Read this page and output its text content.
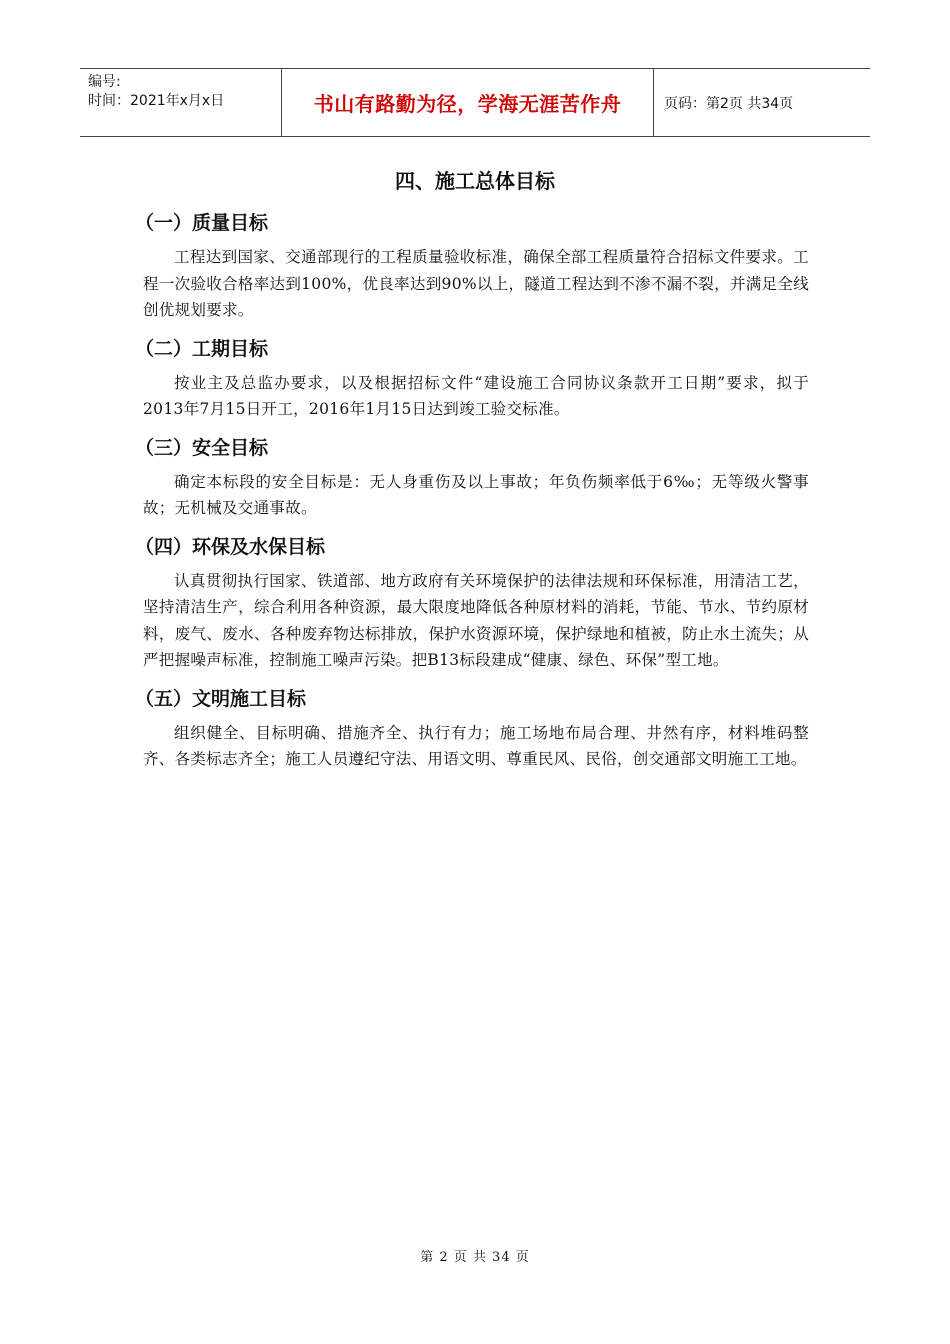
编号:
时间：2021年x月x日	书山有路勤为径，学海无涯苦作舟	页码：第2页 共34页
四、施工总体目标
（一）质量目标

工程达到国家、交通部现行的工程质量验收标准，确保全部工程质量符合招标文件要求。工程一次验收合格率达到100%，优良率达到90%以上，隧道工程达到不渗不漏不裂，并满足全线创优规划要求。

（二）工期目标

按业主及总监办要求，以及根据招标文件“建设施工合同协议条款开工日期”要求，拟于2013年7月15日开工，2016年1月15日达到竣工验交标准。

（三）安全目标

确定本标段的安全目标是：无人身重伤及以上事故；年负伤频率低于6‰；无等级火警事故；无机械及交通事故。

（四）环保及水保目标

认真贯彻执行国家、铁道部、地方政府有关环境保护的法律法规和环保标准，用清洁工艺，坚持清洁生产，综合利用各种资源，最大限度地降低各种原材料的消耗，节能、节水、节约原材料，废气、废水、各种废弃物达标排放，保护水资源环境，保护绿地和植被，防止水土流失；从严把握噪声标准，控制施工噪声污染。把B13标段建成“健康、绿色、环保”型工地。

（五）文明施工目标

组织健全、目标明确、措施齐全、执行有力；施工场地布局合理、井然有序，材料堆码整齐、各类标志齐全；施工人员遵纪守法、用语文明、尊重民风、民俗，创交通部文明施工工地。

第 2 页 共 34 页
